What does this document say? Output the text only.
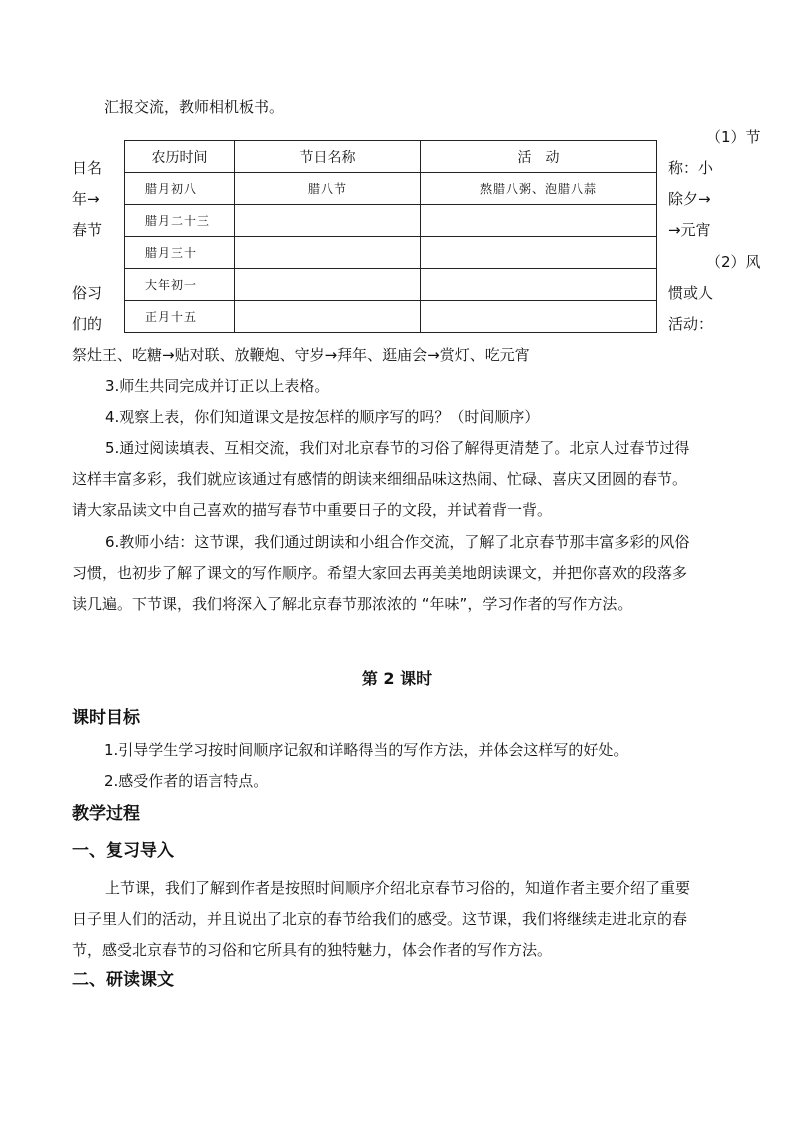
汇报交流，教师相机板书。
日名
年→
春节
俗习
们的
（1）节
称：小
除夕→
→元宵
（2）风
惯或人
活动：
农历时间	节日名称	活　动
腊月初八	腊八节	熬腊八粥、泡腊八蒜
腊月二十三		
腊月三十		
大年初一		
正月十五		
祭灶王、吃糖→贴对联、放鞭炮、守岁→拜年、逛庙会→赏灯、吃元宵
3.师生共同完成并订正以上表格。
4.观察上表，你们知道课文是按怎样的顺序写的吗？（时间顺序）
5.通过阅读填表、互相交流，我们对北京春节的习俗了解得更清楚了。北京人过春节过得
这样丰富多彩，我们就应该通过有感情的朗读来细细品味这热闹、忙碌、喜庆又团圆的春节。
请大家品读文中自己喜欢的描写春节中重要日子的文段，并试着背一背。
6.教师小结：这节课，我们通过朗读和小组合作交流，了解了北京春节那丰富多彩的风俗
习惯，也初步了解了课文的写作顺序。希望大家回去再美美地朗读课文，并把你喜欢的段落多
读几遍。下节课，我们将深入了解北京春节那浓浓的 “年味”，学习作者的写作方法。
第 2 课时
课时目标
1.引导学生学习按时间顺序记叙和详略得当的写作方法，并体会这样写的好处。
2.感受作者的语言特点。
教学过程
一、复习导入
上节课，我们了解到作者是按照时间顺序介绍北京春节习俗的，知道作者主要介绍了重要
日子里人们的活动，并且说出了北京的春节给我们的感受。这节课，我们将继续走进北京的春
节，感受北京春节的习俗和它所具有的独特魅力，体会作者的写作方法。
二、研读课文
